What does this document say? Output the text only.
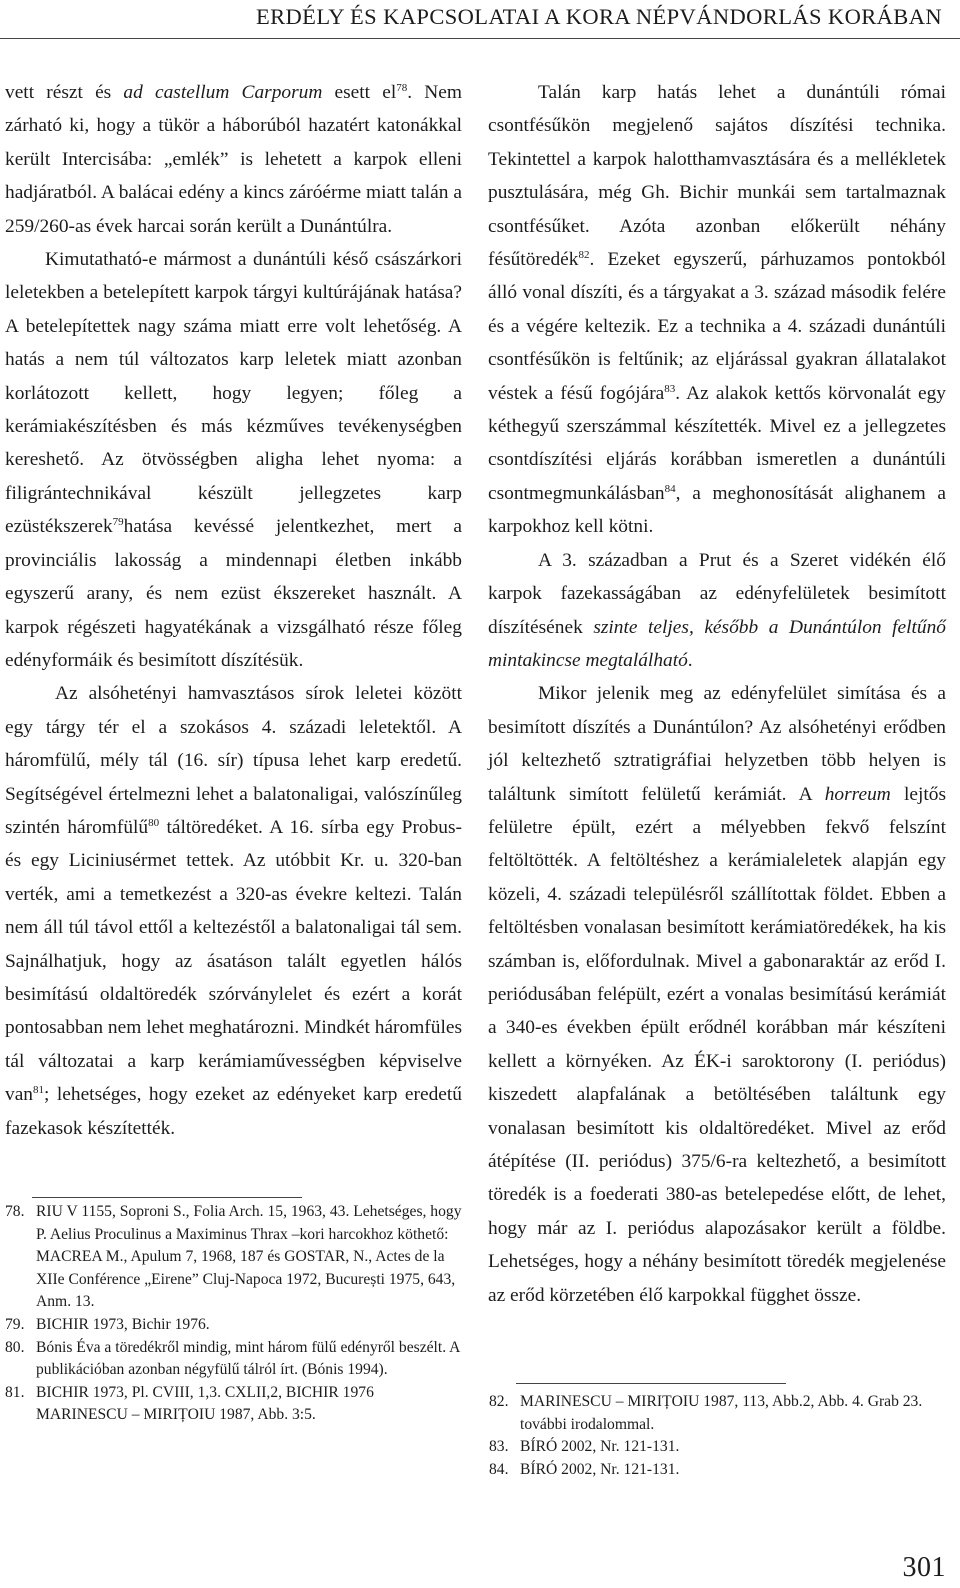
ERDÉLY ÉS KAPCSOLATAI A KORA NÉPVÁNDORLÁS KORÁBAN

vett részt és ad castellum Carporum esett $el^{78}$. Nem zárható ki, hogy a tükör a háborúból hazatért katonákkal került Intercisába: „emlék” is lehetett a karpok elleni hadjáratból. A balácai edény a kincs záróérme miatt talán a 259/260-as évek harcai során került a Dunántúlra.

Kimutatható-e mármost a dunántúli késő császárkori leletekben a betelepített karpok tárgyi kultúrájának hatása? A betelepítettek nagy száma miatt erre volt lehetőség. A hatás a nem túl változatos karp leletek miatt azonban korlátozott kellett, hogy legyen; főleg a kerámiakészítésben és más kézműves tevékenységben kereshető. Az ötvösségben aligha lehet nyoma: a filigrántechnikával készült jellegzetes karp ezüstékszerek$^{79}$hatása kevéssé jelentkezhet, mert a provinciális lakosság a mindennapi életben inkább egyszerű arany, és nem ezüst ékszereket használt. A karpok régészeti hagyatékának a vizsgálható része főleg edényformáik és besimított díszítésük.

Az alsóhetényi hamvasztásos sírok leletei között egy tárgy tér el a szokásos 4. századi leletektől. A háromfülű, mély tál (16. sír) típusa lehet karp eredetű. Segítségével értelmezni lehet a balatonaligai, valószínűleg szintén háromfülű$^{80}$ táltöredéket. A 16. sírba egy Probus- és egy Liciniusérmet tettek. Az utóbbit Kr. u. 320-ban verték, ami a temetkezést a 320-as évekre keltezi. Talán nem áll túl távol ettől a keltezéstől a balatonaligai tál sem. Sajnálhatjuk, hogy az ásatáson talált egyetlen hálós besimítású oldaltöredék szórványlelet és ezért a korát pontosabban nem lehet meghatározni. Mindkét háromfüles tál változatai a karp kerámiaművességben képviselve van$^{81}$; lehetséges, hogy ezeket az edényeket karp eredetű fazekasok készítették.

Talán karp hatás lehet a dunántúli római csontfésűkön megjelenő sajátos díszítési technika. Tekintettel a karpok halotthamvasztására és a mellékletek pusztulására, még Gh. Bichir munkái sem tartalmaznak csontfésűket. Azóta azonban előkerült néhány fésűtöredék$^{82}$. Ezeket egyszerű, párhuzamos pontokból álló vonal díszíti, és a tárgyakat a 3. század második felére és a végére keltezik. Ez a technika a 4. századi dunántúli csontfésűkön is feltűnik; az eljárással gyakran állatalakot véstek a fésű fogójára$^{83}$. Az alakok kettős körvonalát egy kéthegyű szerszámmal készítették. Mivel ez a jellegzetes csontdíszítési eljárás korábban ismeretlen a dunántúli csontmegmunkálásban$^{84}$, a meghonosítását alighanem a karpokhoz kell kötni.

A 3. században a Prut és a Szeret vidékén élő karpok fazekasságában az edényfelületek besimított díszítésének szinte teljes, később a Dunántúlon feltűnő mintakincse megtalálható.

Mikor jelenik meg az edényfelület simítása és a besimított díszítés a Dunántúlon? Az alsóhetényi erődben jól keltezhető sztratigráfiai helyzetben több helyen is találtunk simított felületű kerámiát. A horreum lejtős felületre épült, ezért a mélyebben fekvő felszínt feltöltötték. A feltöltéshez a kerámialeletek alapján egy közeli, 4. századi településről szállítottak földet. Ebben a feltöltésben vonalasan besimított kerámiatöredékek, ha kis számban is, előfordulnak. Mivel a gabonaraktár az erőd I. periódusában felépült, ezért a vonalas besimítású kerámiát a 340-es években épült erődnél korábban már készíteni kellett a környéken. Az ÉK-i saroktorony (I. periódus) kiszedett alapfalának a betöltésében találtunk egy vonalasan besimított kis oldaltöredéket. Mivel az erőd átépítése (II. periódus) 375/6-ra keltezhető, a besimított töredék is a foederati 380-as betelepedése előtt, de lehet, hogy már az I. periódus alapozásakor került a földbe. Lehetséges, hogy a néhány besimított töredék megjelenése az erőd körzetében élő karpokkal függhet össze.

78. RIU V 1155, Soproni S., Folia Arch. 15, 1963, 43. Lehetséges, hogy P. Aelius Proculinus a Maximinus Thrax –kori harcokhoz köthető: MACREA M., Apulum 7, 1968, 187 és GOSTAR, N., Actes de la XIIe Conférence „Eirene” Cluj-Napoca 1972, București 1975, 643, Anm. 13.
79. BICHIR 1973, Bichir 1976.
80. Bónis Éva a töredékről mindig, mint három fülű edényről beszélt. A publikációban azonban négyfülű tálról írt. (Bónis 1994).
81. BICHIR 1973, Pl. CVIII, 1,3. CXLII,2, BICHIR 1976 MARINESCU – MIRIȚOIU 1987, Abb. 3:5.
82. MARINESCU – MIRIȚOIU 1987, 113, Abb.2, Abb. 4. Grab 23. további irodalommal.
83. BÍRÓ 2002, Nr. 121-131.
84. BÍRÓ 2002, Nr. 121-131.
301
